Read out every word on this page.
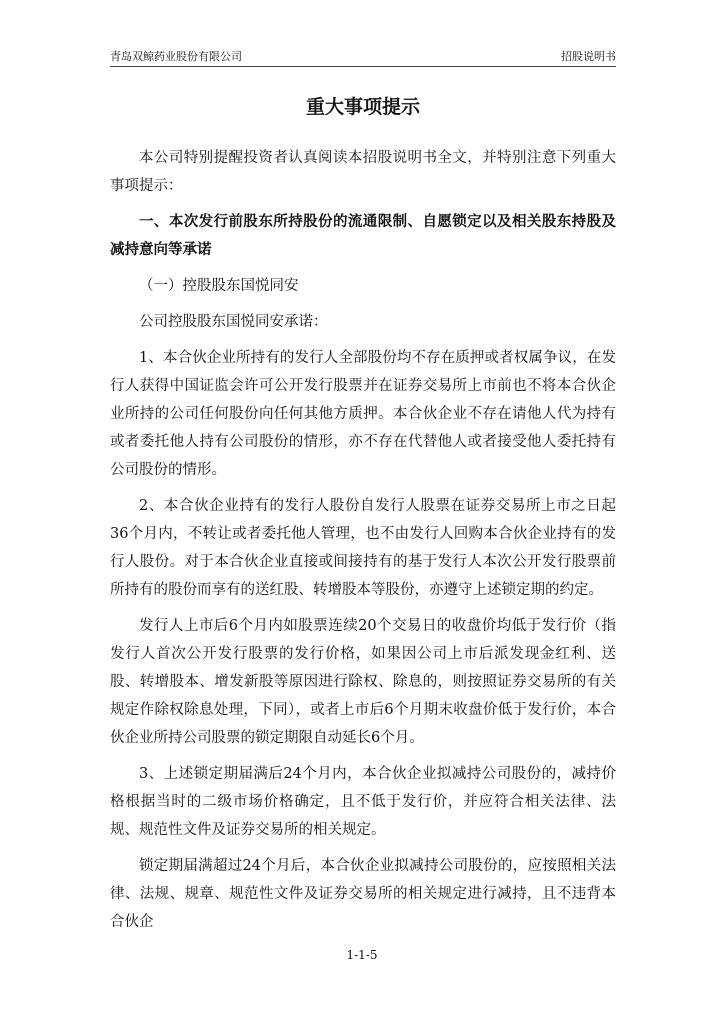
青岛双鲸药业股份有限公司	招股说明书
重大事项提示

本公司特别提醒投资者认真阅读本招股说明书全文，并特别注意下列重大事项提示：

一、本次发行前股东所持股份的流通限制、自愿锁定以及相关股东持股及减持意向等承诺

（一）控股股东国悦同安

公司控股股东国悦同安承诺：

1、本合伙企业所持有的发行人全部股份均不存在质押或者权属争议，在发行人获得中国证监会许可公开发行股票并在证券交易所上市前也不将本合伙企业所持的公司任何股份向任何其他方质押。本合伙企业不存在请他人代为持有或者委托他人持有公司股份的情形，亦不存在代替他人或者接受他人委托持有公司股份的情形。

2、本合伙企业持有的发行人股份自发行人股票在证券交易所上市之日起36个月内，不转让或者委托他人管理，也不由发行人回购本合伙企业持有的发行人股份。对于本合伙企业直接或间接持有的基于发行人本次公开发行股票前所持有的股份而享有的送红股、转增股本等股份，亦遵守上述锁定期的约定。

发行人上市后6个月内如股票连续20个交易日的收盘价均低于发行价（指发行人首次公开发行股票的发行价格，如果因公司上市后派发现金红利、送股、转增股本、增发新股等原因进行除权、除息的，则按照证券交易所的有关规定作除权除息处理，下同），或者上市后6个月期末收盘价低于发行价，本合伙企业所持公司股票的锁定期限自动延长6个月。

3、上述锁定期届满后24个月内，本合伙企业拟减持公司股份的，减持价格根据当时的二级市场价格确定，且不低于发行价，并应符合相关法律、法规、规范性文件及证券交易所的相关规定。

锁定期届满超过24个月后，本合伙企业拟减持公司股份的，应按照相关法律、法规、规章、规范性文件及证券交易所的相关规定进行减持，且不违背本合伙企

1-1-5
